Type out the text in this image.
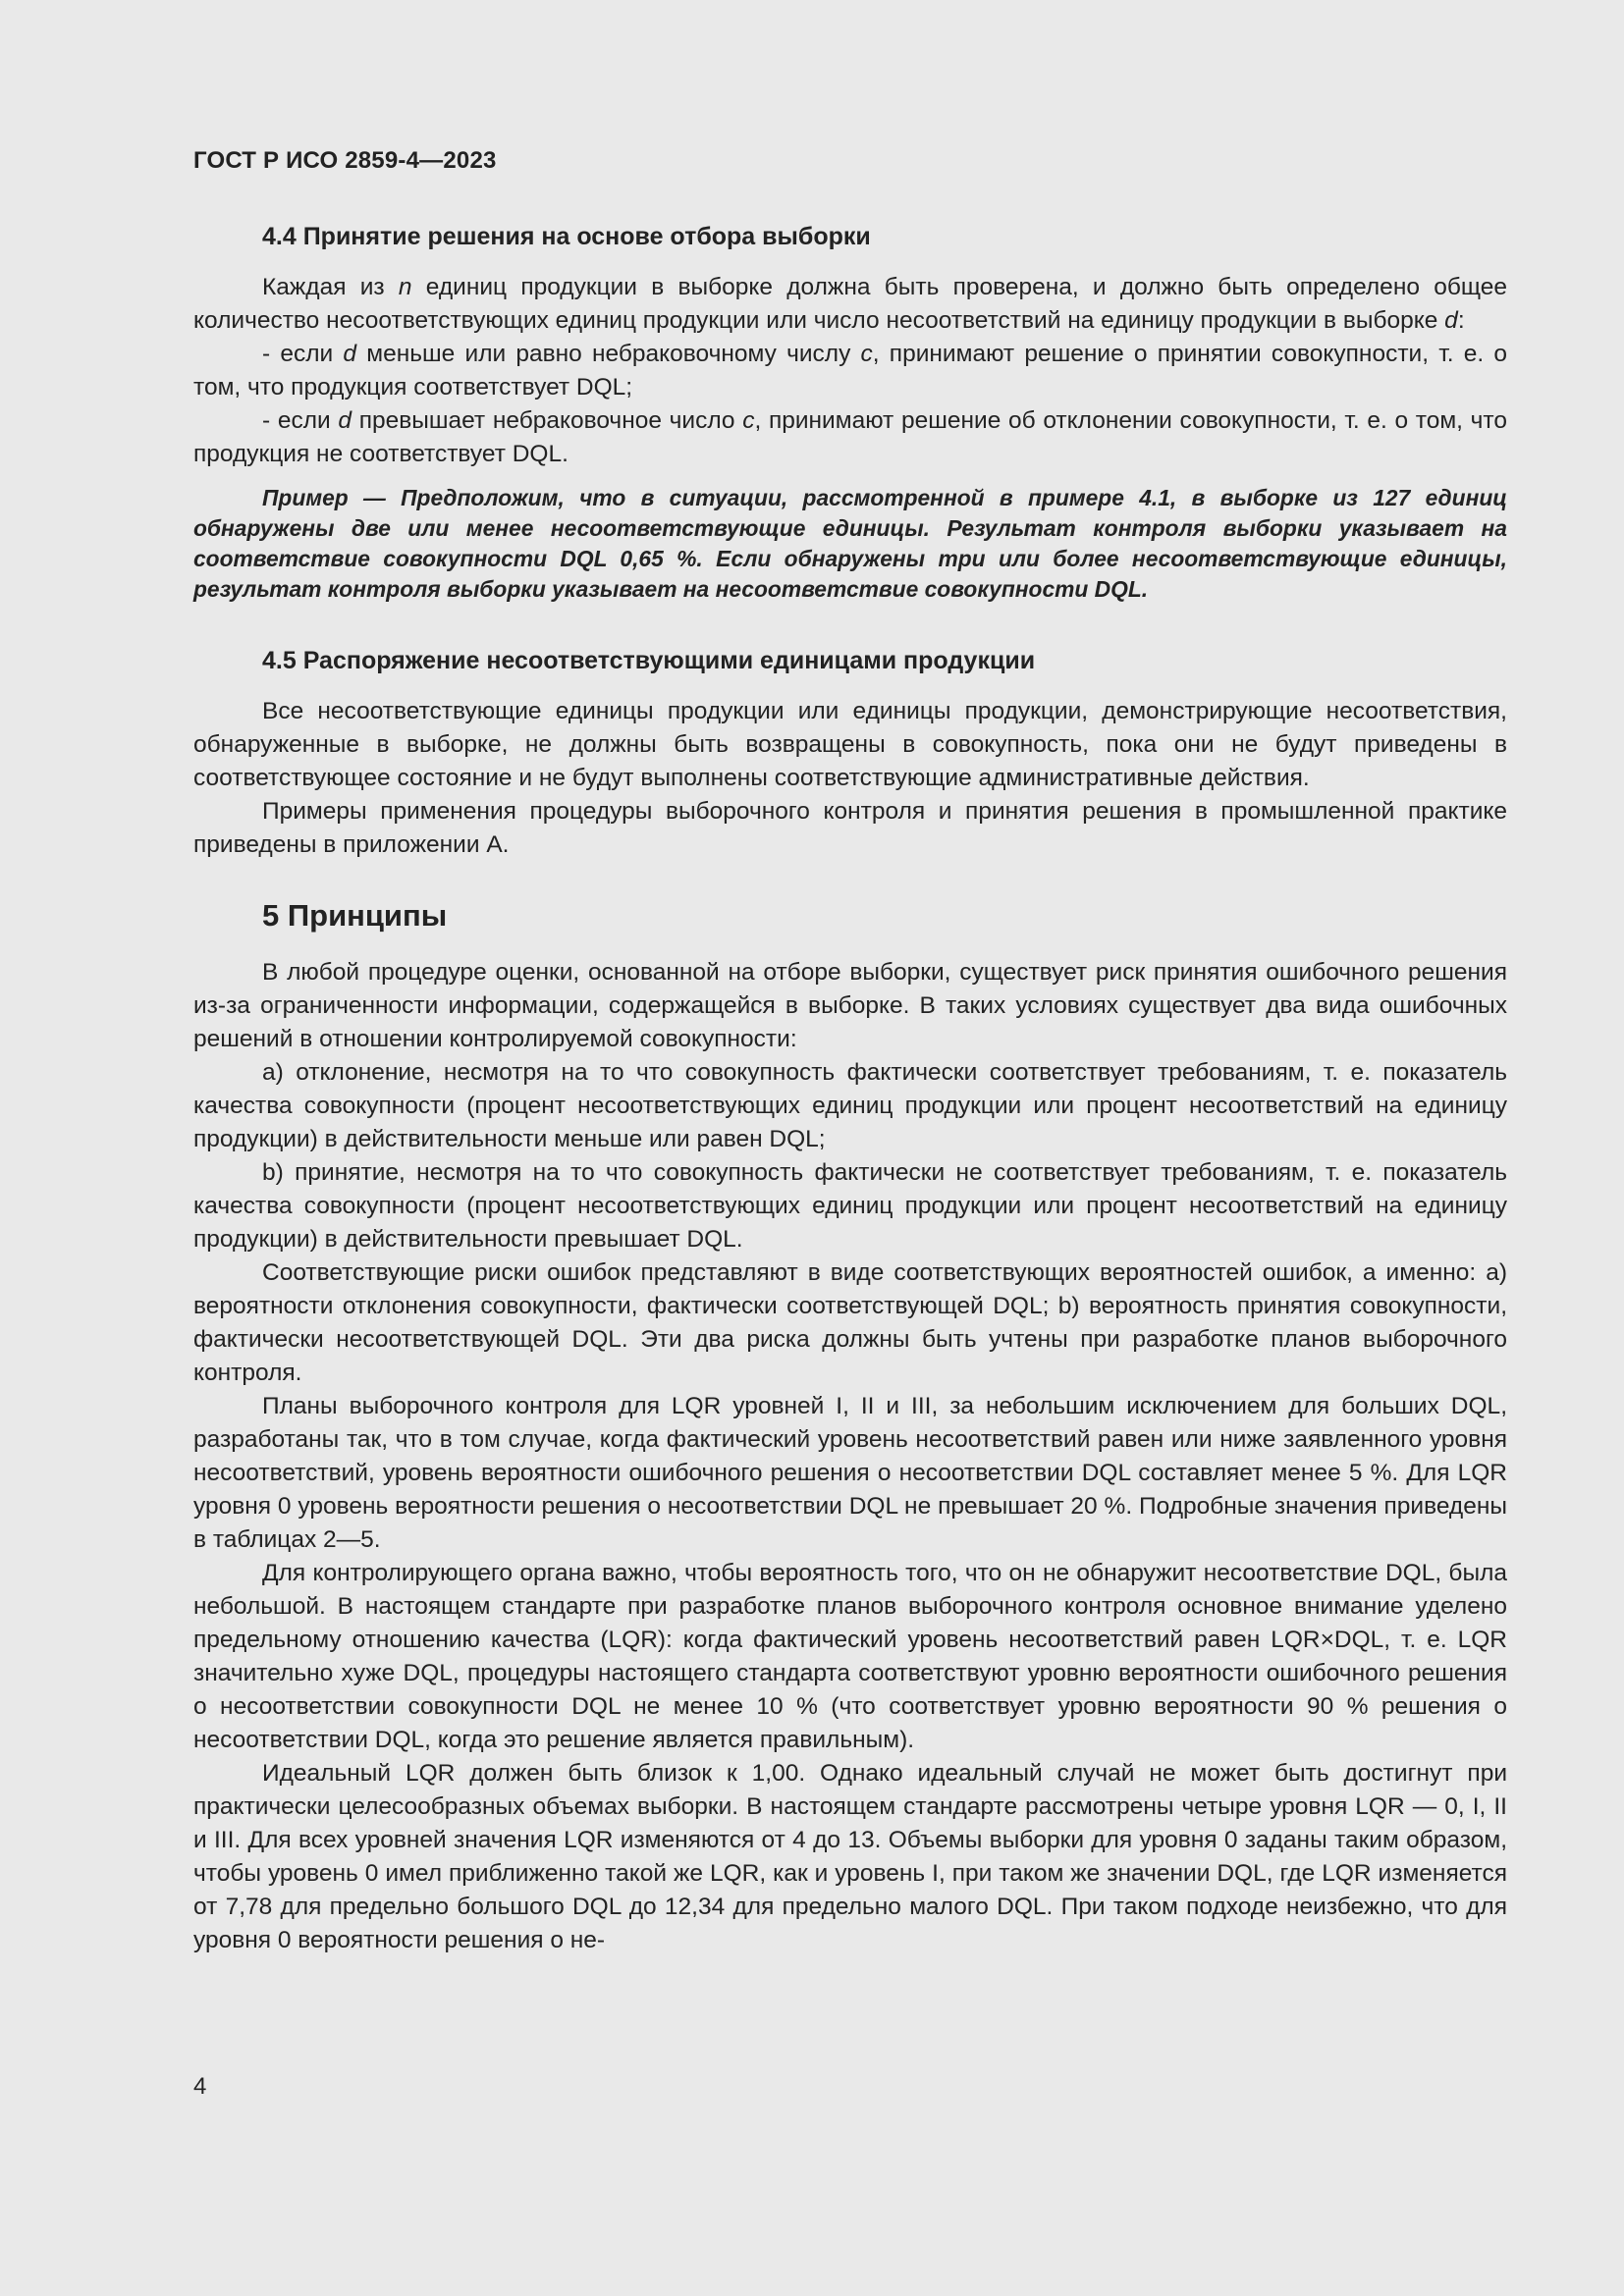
ГОСТ Р ИСО 2859-4—2023
4.4 Принятие решения на основе отбора выборки

Каждая из n единиц продукции в выборке должна быть проверена, и должно быть определено общее количество несоответствующих единиц продукции или число несоответствий на единицу продукции в выборке d:

- если d меньше или равно небраковочному числу c, принимают решение о принятии совокупности, т. е. о том, что продукция соответствует DQL;

- если d превышает небраковочное число c, принимают решение об отклонении совокупности, т. е. о том, что продукция не соответствует DQL.

Пример — Предположим, что в ситуации, рассмотренной в примере 4.1, в выборке из 127 единиц обнаружены две или менее несоответствующие единицы. Результат контроля выборки указывает на соответствие совокупности DQL 0,65 %. Если обнаружены три или более несоответствующие единицы, результат контроля выборки указывает на несоответствие совокупности DQL.

4.5 Распоряжение несоответствующими единицами продукции

Все несоответствующие единицы продукции или единицы продукции, демонстрирующие несоответствия, обнаруженные в выборке, не должны быть возвращены в совокупность, пока они не будут приведены в соответствующее состояние и не будут выполнены соответствующие административные действия.

Примеры применения процедуры выборочного контроля и принятия решения в промышленной практике приведены в приложении А.

5 Принципы

В любой процедуре оценки, основанной на отборе выборки, существует риск принятия ошибочного решения из-за ограниченности информации, содержащейся в выборке. В таких условиях существует два вида ошибочных решений в отношении контролируемой совокупности:

a) отклонение, несмотря на то что совокупность фактически соответствует требованиям, т. е. показатель качества совокупности (процент несоответствующих единиц продукции или процент несоответствий на единицу продукции) в действительности меньше или равен DQL;

b) принятие, несмотря на то что совокупность фактически не соответствует требованиям, т. е. показатель качества совокупности (процент несоответствующих единиц продукции или процент несоответствий на единицу продукции) в действительности превышает DQL.

Соответствующие риски ошибок представляют в виде соответствующих вероятностей ошибок, а именно: a) вероятности отклонения совокупности, фактически соответствующей DQL; b) вероятность принятия совокупности, фактически несоответствующей DQL. Эти два риска должны быть учтены при разработке планов выборочного контроля.

Планы выборочного контроля для LQR уровней I, II и III, за небольшим исключением для больших DQL, разработаны так, что в том случае, когда фактический уровень несоответствий равен или ниже заявленного уровня несоответствий, уровень вероятности ошибочного решения о несоответствии DQL составляет менее 5 %. Для LQR уровня 0 уровень вероятности решения о несоответствии DQL не превышает 20 %. Подробные значения приведены в таблицах 2—5.

Для контролирующего органа важно, чтобы вероятность того, что он не обнаружит несоответствие DQL, была небольшой. В настоящем стандарте при разработке планов выборочного контроля основное внимание уделено предельному отношению качества (LQR): когда фактический уровень несоответствий равен LQR×DQL, т. е. LQR значительно хуже DQL, процедуры настоящего стандарта соответствуют уровню вероятности ошибочного решения о несоответствии совокупности DQL не менее 10 % (что соответствует уровню вероятности 90 % решения о несоответствии DQL, когда это решение является правильным).

Идеальный LQR должен быть близок к 1,00. Однако идеальный случай не может быть достигнут при практически целесообразных объемах выборки. В настоящем стандарте рассмотрены четыре уровня LQR — 0, I, II и III. Для всех уровней значения LQR изменяются от 4 до 13. Объемы выборки для уровня 0 заданы таким образом, чтобы уровень 0 имел приближенно такой же LQR, как и уровень I, при таком же значении DQL, где LQR изменяется от 7,78 для предельно большого DQL до 12,34 для предельно малого DQL. При таком подходе неизбежно, что для уровня 0 вероятности решения о не-

4
